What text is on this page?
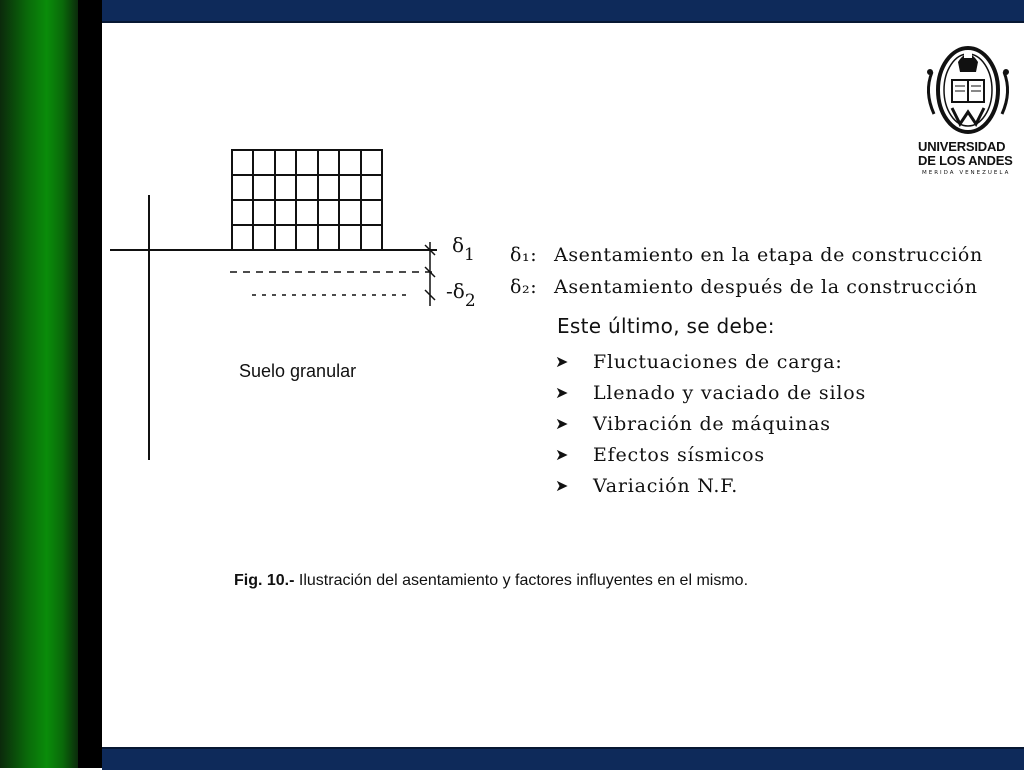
UNIVERSIDAD
DE LOS ANDES
MERIDA VENEZUELA
$\delta_1$
$-\delta_2$
Suelo granular
δ₁: Asentamiento en la etapa de construcción
δ₂: Asentamiento después de la construcción
Este último, se debe:
➤	Fluctuaciones de carga:
➤	Llenado y vaciado de silos
➤	Vibración de máquinas
➤	Efectos sísmicos
➤	Variación N.F.
Fig. 10.- Ilustración del asentamiento y factores influyentes en el mismo.
